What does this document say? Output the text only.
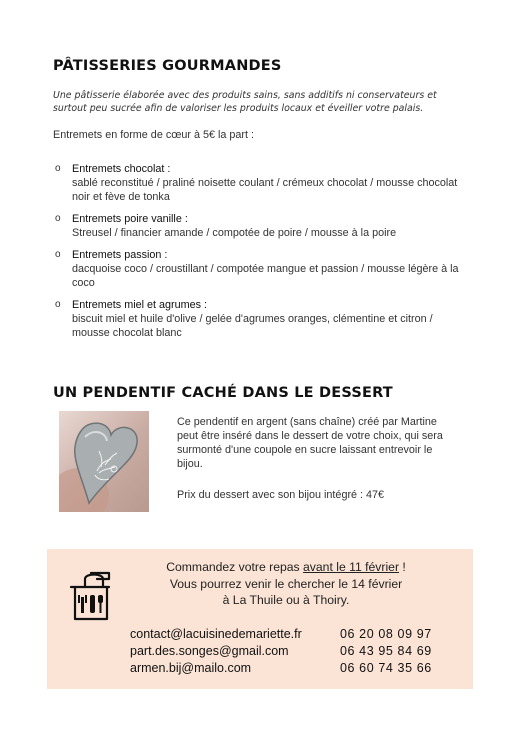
PÂTISSERIES GOURMANDES
Une pâtisserie élaborée avec des produits sains, sans additifs ni conservateurs et surtout peu sucrée afin de valoriser les produits locaux et éveiller votre palais.
Entremets en forme de cœur à 5€ la part :
o Entremets chocolat :
sablé reconstitué / praliné noisette coulant / crémeux chocolat / mousse chocolat noir et fève de tonka
o Entremets poire vanille :
Streusel / financier amande / compotée de poire / mousse à la poire
o Entremets passion :
dacquoise coco / croustillant / compotée mangue et passion / mousse légère à la coco
o Entremets miel et agrumes :
biscuit miel et huile d'olive / gelée d'agrumes oranges, clémentine et citron / mousse chocolat blanc
UN PENDENTIF CACHÉ DANS LE DESSERT
Ce pendentif en argent (sans chaîne) créé par Martine peut être inséré dans le dessert de votre choix, qui sera surmonté d'une coupole en sucre laissant entrevoir le bijou.
Prix du dessert avec son bijou intégré : 47€
Commandez votre repas avant le 11 février !
Vous pourrez venir le chercher le 14 février
à La Thuile ou à Thoiry.
contact@lacuisinedemariette.fr	06 20 08 09 97
part.des.songes@gmail.com	06 43 95 84 69
armen.bij@mailo.com	06 60 74 35 66
